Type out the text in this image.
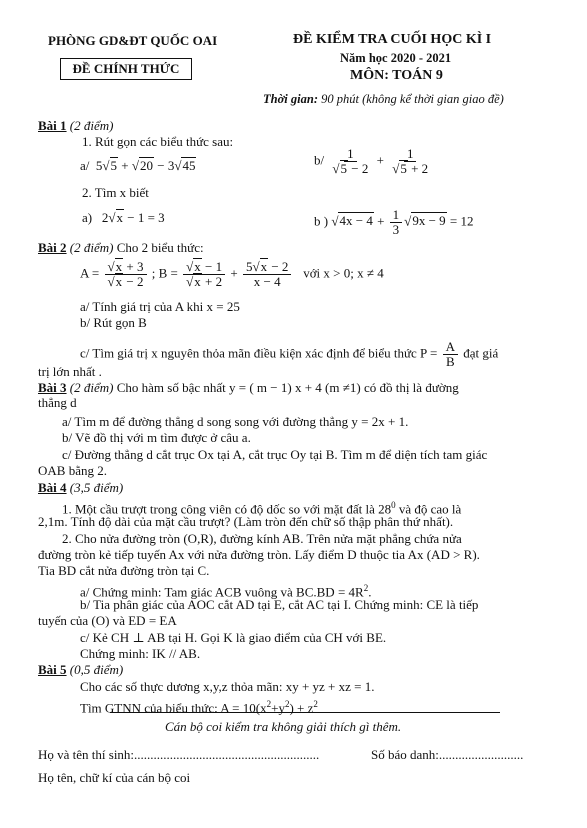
PHÒNG GD&ĐT QUỐC OAI
ĐỀ CHÍNH THỨC
ĐỀ KIỂM TRA CUỐI HỌC KÌ I
Năm học 2020 - 2021
MÔN: TOÁN 9
Thời gian: 90 phút (không kể thời gian giao đề)
Bài 1 (2 điểm)
1. Rút gọn các biểu thức sau:
a/  5√5 + √20 − 3√45	$b/ \frac{1}{√5 - 2} + \frac{1}{√5 + 2}$
2. Tìm x biết
a)   2√x − 1 = 3	b ) $√4x - 4 + \frac{1}{3} √9x - 9 = 12$
Bài 2 (2 điểm) Cho 2 biểu thức:
$A = \frac{√x + 3}{√x - 2}$ ; $B = \frac{√x - 1}{√x + 2} + \frac{5√x - 2}{x - 4}$ với x > 0; x ≠ 4
a/ Tính giá trị của A khi x = 25
b/ Rút gọn B
c/ Tìm giá trị x nguyên thỏa mãn điều kiện xác định để biểu thức $P = \frac{A}{B}$ đạt giá
trị lớn nhất .
Bài 3 (2 điểm) Cho hàm số bậc nhất y = ( m − 1) x + 4 (m ≠1) có đồ thị là đường
thẳng d
a/ Tìm m để đường thẳng d song song với đường thẳng y = 2x + 1.
b/ Vẽ đồ thị với m tìm được ở câu a.
c/ Đường thẳng d cắt trục Ox tại A, cắt trục Oy tại B. Tìm m để diện tích tam giác
OAB bằng 2.
Bài 4 (3,5 điểm)
1. Một cầu trượt trong công viên có độ dốc so với mặt đất là $28^0$ và độ cao là
2,1m. Tính độ dài của mặt cầu trượt? (Làm tròn đến chữ số thập phân thứ nhất).
2. Cho nửa đường tròn (O,R), đường kính AB. Trên nửa mặt phẳng chứa nửa
đường tròn kẻ tiếp tuyến Ax với nửa đường tròn. Lấy điểm D thuộc tia Ax (AD > R).
Tia BD cắt nửa đường tròn tại C.
a/ Chứng minh: Tam giác ACB vuông và $BC.BD = 4R^2$.
b/ Tia phân giác của AOC cắt AD tại E, cắt AC tại I. Chứng minh: CE là tiếp
tuyến của (O) và ED = EA
c/ Kẻ CH ⊥ AB tại H. Gọi K là giao điểm của CH với BE.
Chứng minh: IK // AB.
Bài 5 (0,5 điểm)
Cho các số thực dương x,y,z thỏa mãn: xy + yz + xz = 1.
Tìm GTNN của biểu thức: $A = 10(x^2+y^2) + z^2$
Cán bộ coi kiểm tra không giải thích gì thêm.
Họ và tên thí sinh:.........................................................	Số báo danh:..........................
Họ tên, chữ kí của cán bộ coi
